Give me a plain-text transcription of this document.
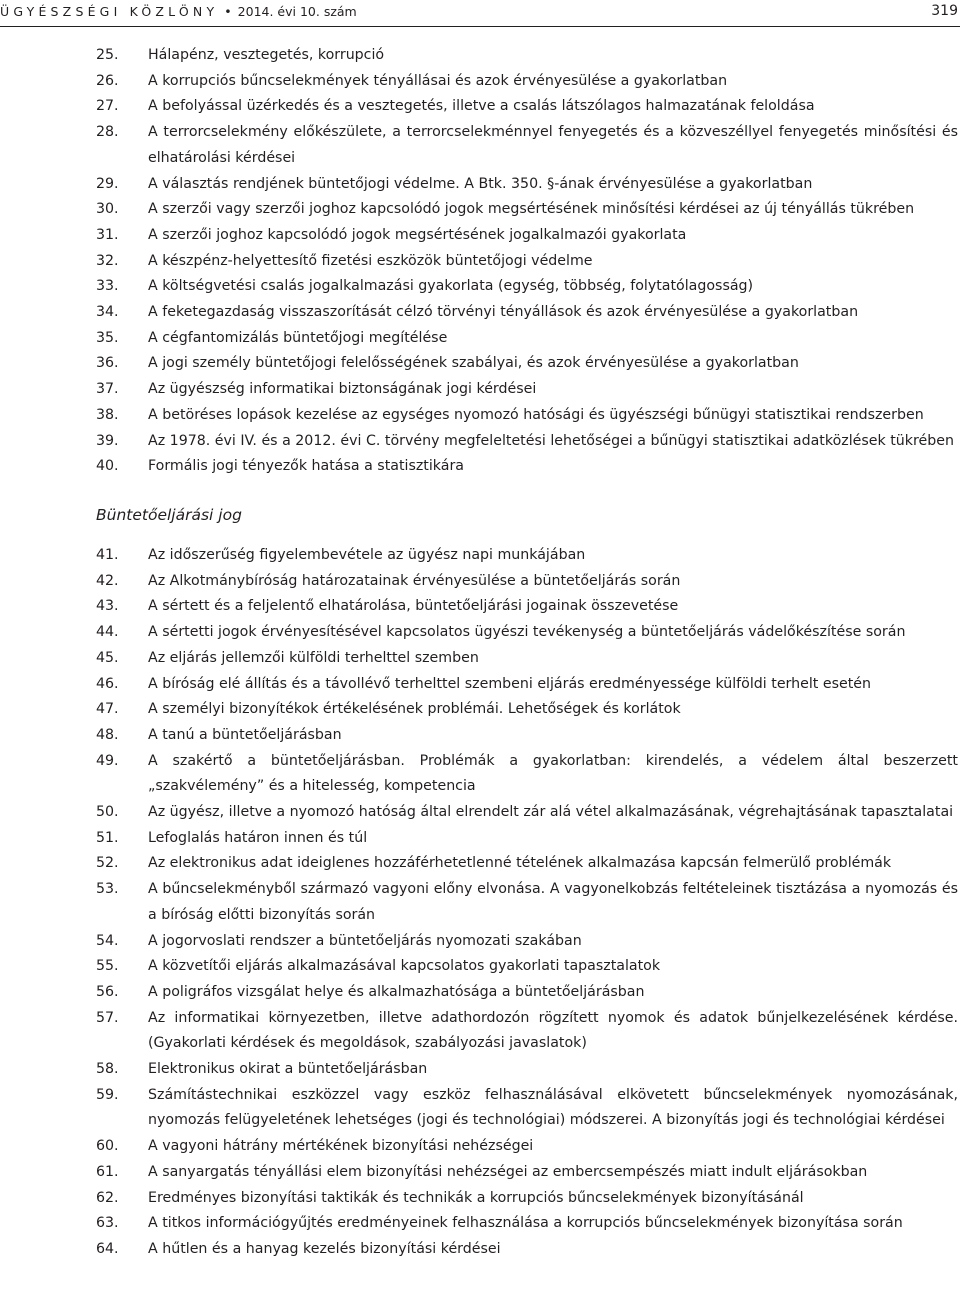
ÜGYÉSZSÉGI KÖZLÖNY • 2014. évi 10. szám	319
25. Hálapénz, vesztegetés, korrupció
26. A korrupciós bűncselekmények tényállásai és azok érvényesülése a gyakorlatban
27. A befolyással üzérkedés és a vesztegetés, illetve a csalás látszólagos halmazatának feloldása
28. A terrorcselekmény előkészülete, a terrorcselekménnyel fenyegetés és a közveszéllyel fenyegetés minősítési és elhatárolási kérdései
29. A választás rendjének büntetőjogi védelme. A Btk. 350. §-ának érvényesülése a gyakorlatban
30. A szerzői vagy szerzői joghoz kapcsolódó jogok megsértésének minősítési kérdései az új tényállás tükrében
31. A szerzői joghoz kapcsolódó jogok megsértésének jogalkalmazói gyakorlata
32. A készpénz-helyettesítő fizetési eszközök büntetőjogi védelme
33. A költségvetési csalás jogalkalmazási gyakorlata (egység, többség, folytatólagosság)
34. A feketegazdaság visszaszorítását célzó törvényi tényállások és azok érvényesülése a gyakorlatban
35. A cégfantomizálás büntetőjogi megítélése
36. A jogi személy büntetőjogi felelősségének szabályai, és azok érvényesülése a gyakorlatban
37. Az ügyészség informatikai biztonságának jogi kérdései
38. A betöréses lopások kezelése az egységes nyomozó hatósági és ügyészségi bűnügyi statisztikai rendszerben
39. Az 1978. évi IV. és a 2012. évi C. törvény megfeleltetési lehetőségei a bűnügyi statisztikai adatközlések tükrében
40. Formális jogi tényezők hatása a statisztikára
Büntetőeljárási jog
41. Az időszerűség figyelembevétele az ügyész napi munkájában
42. Az Alkotmánybíróság határozatainak érvényesülése a büntetőeljárás során
43. A sértett és a feljelentő elhatárolása, büntetőeljárási jogainak összevetése
44. A sértetti jogok érvényesítésével kapcsolatos ügyészi tevékenység a büntetőeljárás vádelőkészítése során
45. Az eljárás jellemzői külföldi terhelttel szemben
46. A bíróság elé állítás és a távollévő terhelttel szembeni eljárás eredményessége külföldi terhelt esetén
47. A személyi bizonyítékok értékelésének problémái. Lehetőségek és korlátok
48. A tanú a büntetőeljárásban
49. A szakértő a büntetőeljárásban. Problémák a gyakorlatban: kirendelés, a védelem által beszerzett „szakvélemény” és a hitelesség, kompetencia
50. Az ügyész, illetve a nyomozó hatóság által elrendelt zár alá vétel alkalmazásának, végrehajtásának tapasztalatai
51. Lefoglalás határon innen és túl
52. Az elektronikus adat ideiglenes hozzáférhetetlenné tételének alkalmazása kapcsán felmerülő problémák
53. A bűncselekményből származó vagyoni előny elvonása. A vagyonelkobzás feltételeinek tisztázása a nyomozás és a bíróság előtti bizonyítás során
54. A jogorvoslati rendszer a büntetőeljárás nyomozati szakában
55. A közvetítői eljárás alkalmazásával kapcsolatos gyakorlati tapasztalatok
56. A poligráfos vizsgálat helye és alkalmazhatósága a büntetőeljárásban
57. Az informatikai környezetben, illetve adathordozón rögzített nyomok és adatok bűnjelkezelésének kérdése. (Gyakorlati kérdések és megoldások, szabályozási javaslatok)
58. Elektronikus okirat a büntetőeljárásban
59. Számítástechnikai eszközzel vagy eszköz felhasználásával elkövetett bűncselekmények nyomozásának, nyomozás felügyeletének lehetséges (jogi és technológiai) módszerei. A bizonyítás jogi és technológiai kérdései
60. A vagyoni hátrány mértékének bizonyítási nehézségei
61. A sanyargatás tényállási elem bizonyítási nehézségei az embercsempészés miatt indult eljárásokban
62. Eredményes bizonyítási taktikák és technikák a korrupciós bűncselekmények bizonyításánál
63. A titkos információgyűjtés eredményeinek felhasználása a korrupciós bűncselekmények bizonyítása során
64. A hűtlen és a hanyag kezelés bizonyítási kérdései
